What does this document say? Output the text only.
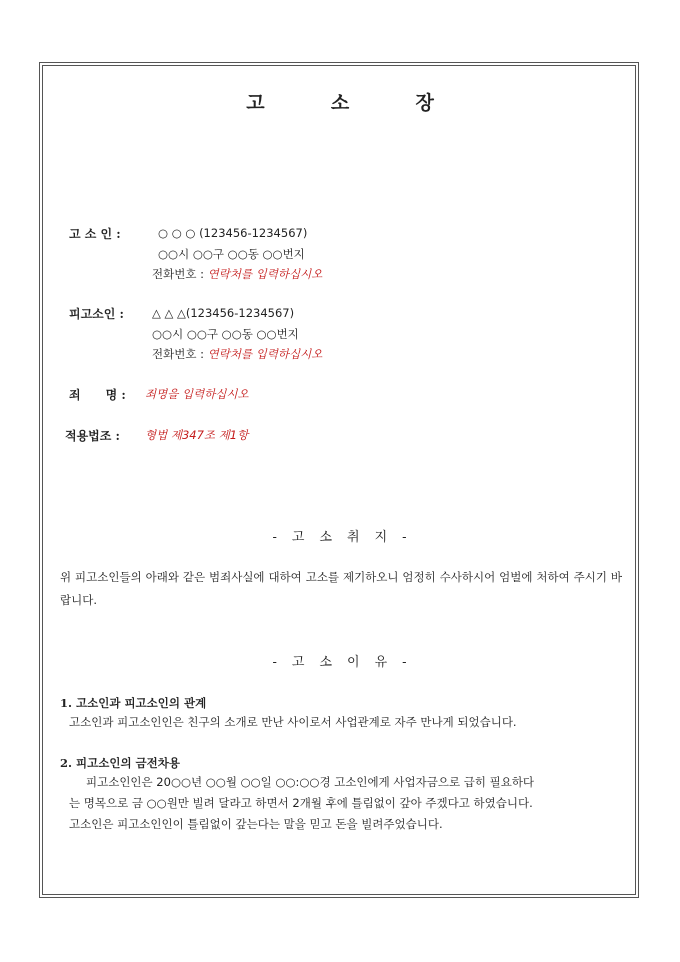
고	소	장
고 소 인 :	○ ○ ○ (123456-1234567)
○○시 ○○구 ○○동 ○○번지
전화번호 : 연락처를 입력하십시오
피고소인 : △ △ △(123456-1234567)
○○시 ○○구 ○○동 ○○번지
전화번호 : 연락처를 입력하십시오
죄      명 : 죄명을 입력하십시오
적용법조 : 형법 제347조 제1항
- 고 소 취 지 -
위 피고소인들의 아래와 같은 범죄사실에 대하여 고소를 제기하오니 엄정히 수사하시어 엄벌에 처하여 주시기 바랍니다.
- 고 소 이 유 -
1. 고소인과 피고소인의 관계
고소인과 피고소인인은 친구의 소개로 만난 사이로서 사업관계로 자주 만나게 되었습니다.
2. 피고소인의 금전차용
피고소인인은 20○○년 ○○월 ○○일 ○○:○○경 고소인에게 사업자금으로 급히 필요하다
는 명목으로 금 ○○원만 빌려 달라고 하면서 2개월 후에 틀림없이 갚아 주겠다고 하였습니다.
고소인은 피고소인인이 틀림없이 갚는다는 말을 믿고 돈을 빌려주었습니다.
